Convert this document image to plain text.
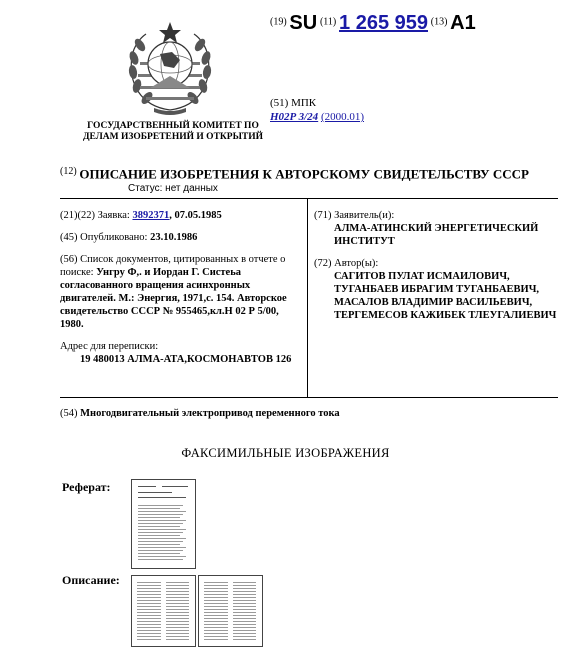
ГОСУДАРСТВЕННЫЙ КОМИТЕТ ПО ДЕЛАМ ИЗОБРЕТЕНИЙ И ОТКРЫТИЙ
(19) SU (11) 1 265 959 (13) A1
(51) МПК
H02P 3/24 (2000.01)
(12) ОПИСАНИЕ ИЗОБРЕТЕНИЯ К АВТОРСКОМУ СВИДЕТЕЛЬСТВУ СССР
Статус: нет данных
(21)(22) Заявка: 3892371, 07.05.1985
(45) Опубликовано: 23.10.1986
(56) Список документов, цитированных в отчете о поиске: Унгру Ф,. и Иордан Г. Систеьа согласованного вращения асинхронных двигателей. М.: Энергия, 1971,с. 154. Авторское свидетельство СССР № 955465,кл.Н 02 Р 5/00, 1980.
Адрес для переписки:
19 480013 АЛМА-АТА,КОСМОНАВТОВ 126
(71) Заявитель(и):
АЛМА-АТИНСКИЙ ЭНЕРГЕТИЧЕСКИЙ ИНСТИТУТ
(72) Автор(ы):
САГИТОВ ПУЛАТ ИСМАИЛОВИЧ, ТУГАНБАЕВ ИБРАГИМ ТУГАНБАЕВИЧ, МАСАЛОВ ВЛАДИМИР ВАСИЛЬЕВИЧ, ТЕРГЕМЕСОВ КАЖИБЕК ТЛЕУГАЛИЕВИЧ
(54) Многодвигательный электропривод переменного тока
ФАКСИМИЛЬНЫЕ ИЗОБРАЖЕНИЯ
Реферат:
Описание:
